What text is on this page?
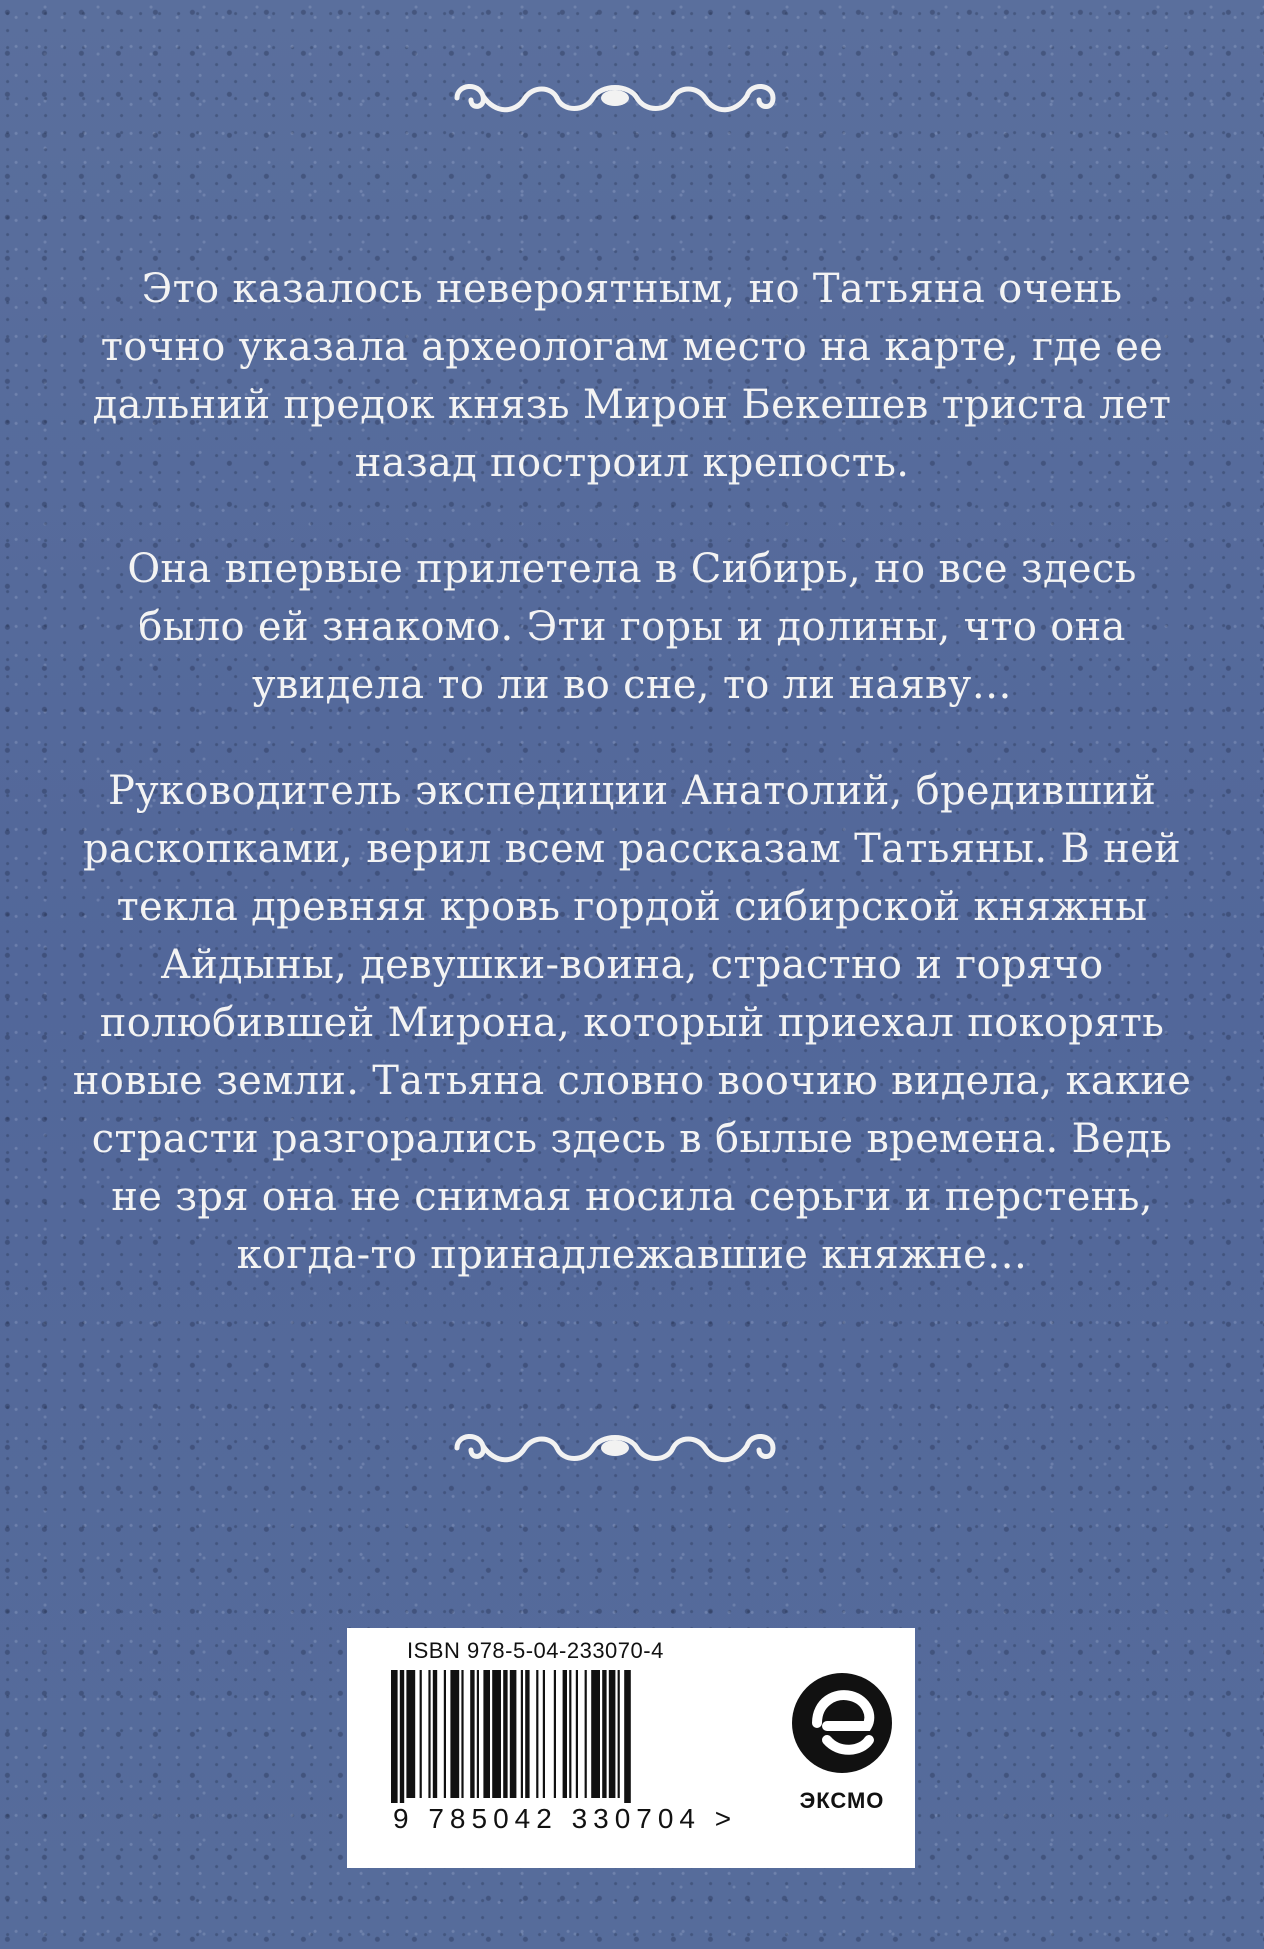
Это казалось невероятным, но Татьяна очень
точно указала археологам место на карте, где ее
дальний предок князь Мирон Бекешев триста лет
назад построил крепость.
Она впервые прилетела в Сибирь, но все здесь
было ей знакомо. Эти горы и долины, что она
увидела то ли во сне, то ли наяву…
Руководитель экспедиции Анатолий, бредивший
раскопками, верил всем рассказам Татьяны. В ней
текла древняя кровь гордой сибирской княжны
Айдыны, девушки-воина, страстно и горячо
полюбившей Мирона, который приехал покорять
новые земли. Татьяна словно воочию видела, какие
страсти разгорались здесь в былые времена. Ведь
не зря она не снимая носила серьги и перстень,
когда-то принадлежавшие княжне…
ISBN 978-5-04-233070-4
9 785042 330704 >
ЭКСМО
